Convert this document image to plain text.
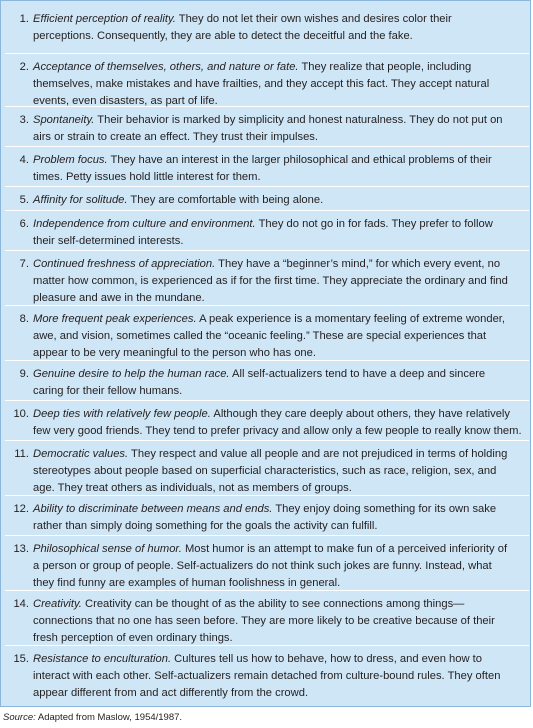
1. Efficient perception of reality. They do not let their own wishes and desires color their
perceptions. Consequently, they are able to detect the deceitful and the fake.
2. Acceptance of themselves, others, and nature or fate. They realize that people, including
themselves, make mistakes and have frailties, and they accept this fact. They accept natural
events, even disasters, as part of life.
3. Spontaneity. Their behavior is marked by simplicity and honest naturalness. They do not put on
airs or strain to create an effect. They trust their impulses.
4. Problem focus. They have an interest in the larger philosophical and ethical problems of their
times. Petty issues hold little interest for them.
5. Affinity for solitude. They are comfortable with being alone.
6. Independence from culture and environment. They do not go in for fads. They prefer to follow
their self-determined interests.
7. Continued freshness of appreciation. They have a “beginner’s mind,” for which every event, no
matter how common, is experienced as if for the first time. They appreciate the ordinary and find
pleasure and awe in the mundane.
8. More frequent peak experiences. A peak experience is a momentary feeling of extreme wonder,
awe, and vision, sometimes called the “oceanic feeling.” These are special experiences that
appear to be very meaningful to the person who has one.
9. Genuine desire to help the human race. All self-actualizers tend to have a deep and sincere
caring for their fellow humans.
10. Deep ties with relatively few people. Although they care deeply about others, they have relatively
few very good friends. They tend to prefer privacy and allow only a few people to really know them.
11. Democratic values. They respect and value all people and are not prejudiced in terms of holding
stereotypes about people based on superficial characteristics, such as race, religion, sex, and
age. They treat others as individuals, not as members of groups.
12. Ability to discriminate between means and ends. They enjoy doing something for its own sake
rather than simply doing something for the goals the activity can fulfill.
13. Philosophical sense of humor. Most humor is an attempt to make fun of a perceived inferiority of
a person or group of people. Self-actualizers do not think such jokes are funny. Instead, what
they find funny are examples of human foolishness in general.
14. Creativity. Creativity can be thought of as the ability to see connections among things—
connections that no one has seen before. They are more likely to be creative because of their
fresh perception of even ordinary things.
15. Resistance to enculturation. Cultures tell us how to behave, how to dress, and even how to
interact with each other. Self-actualizers remain detached from culture-bound rules. They often
appear different from and act differently from the crowd.
Source: Adapted from Maslow, 1954/1987.
